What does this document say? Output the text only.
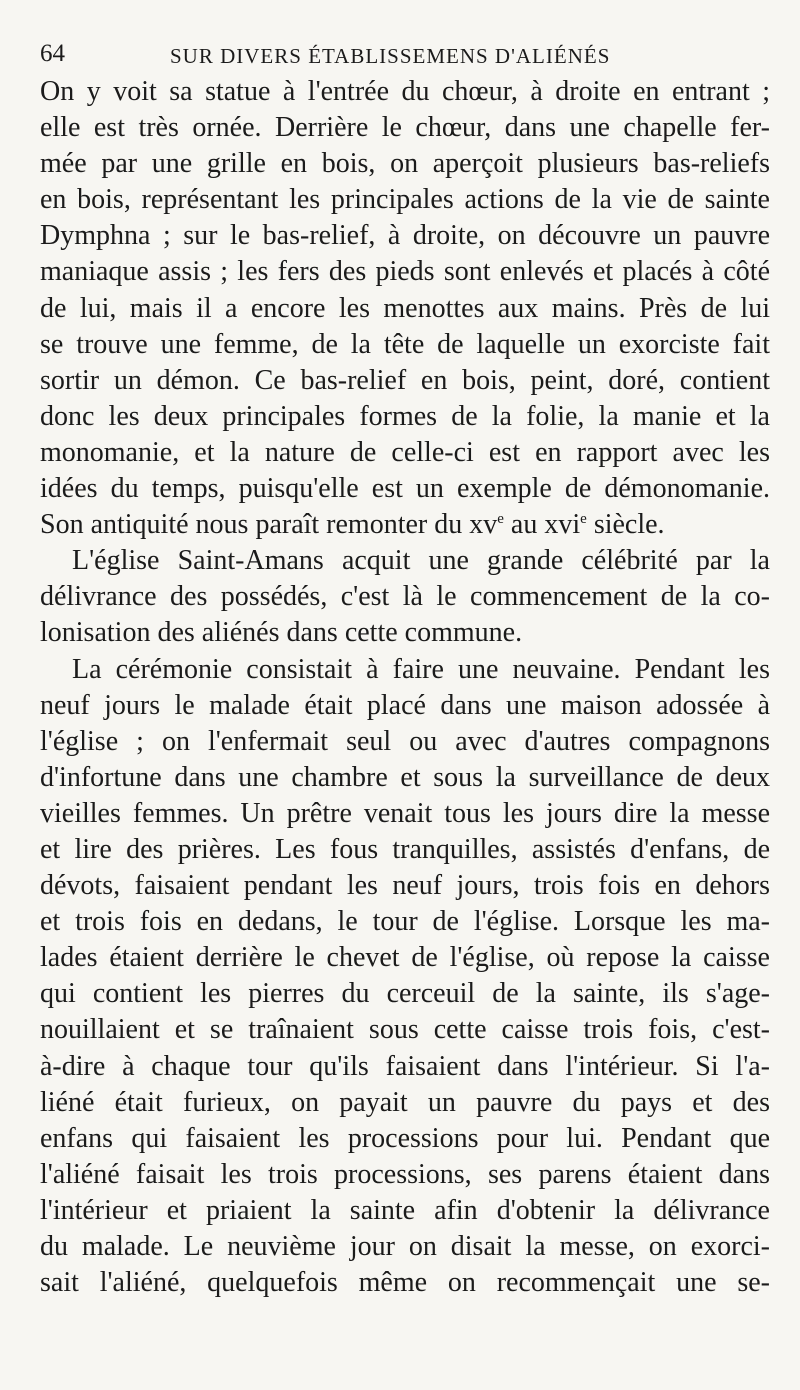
64	SUR DIVERS ÉTABLISSEMENS D'ALIÉNÉS
On y voit sa statue à l'entrée du chœur, à droite en entrant ;
elle est très ornée. Derrière le chœur, dans une chapelle fer-
mée par une grille en bois, on aperçoit plusieurs bas-reliefs
en bois, représentant les principales actions de la vie de sainte
Dymphna ; sur le bas-relief, à droite, on découvre un pauvre
maniaque assis ; les fers des pieds sont enlevés et placés à côté
de lui, mais il a encore les menottes aux mains. Près de lui
se trouve une femme, de la tête de laquelle un exorciste fait
sortir un démon. Ce bas-relief en bois, peint, doré, contient
donc les deux principales formes de la folie, la manie et la
monomanie, et la nature de celle-ci est en rapport avec les
idées du temps, puisqu'elle est un exemple de démonomanie.
Son antiquité nous paraît remonter du $xv^e$ au xvi$^e$ siècle.
L'église Saint-Amans acquit une grande célébrité par la
délivrance des possédés, c'est là le commencement de la co-
lonisation des aliénés dans cette commune.
La cérémonie consistait à faire une neuvaine. Pendant les
neuf jours le malade était placé dans une maison adossée à
l'église ; on l'enfermait seul ou avec d'autres compagnons
d'infortune dans une chambre et sous la surveillance de deux
vieilles femmes. Un prêtre venait tous les jours dire la messe
et lire des prières. Les fous tranquilles, assistés d'enfans, de
dévots, faisaient pendant les neuf jours, trois fois en dehors
et trois fois en dedans, le tour de l'église. Lorsque les ma-
lades étaient derrière le chevet de l'église, où repose la caisse
qui contient les pierres du cerceuil de la sainte, ils s'age-
nouillaient et se traînaient sous cette caisse trois fois, c'est-
à-dire à chaque tour qu'ils faisaient dans l'intérieur. Si l'a-
liéné était furieux, on payait un pauvre du pays et des
enfans qui faisaient les processions pour lui. Pendant que
l'aliéné faisait les trois processions, ses parens étaient dans
l'intérieur et priaient la sainte afin d'obtenir la délivrance
du malade. Le neuvième jour on disait la messe, on exorci-
sait l'aliéné, quelquefois même on recommençait une se-
